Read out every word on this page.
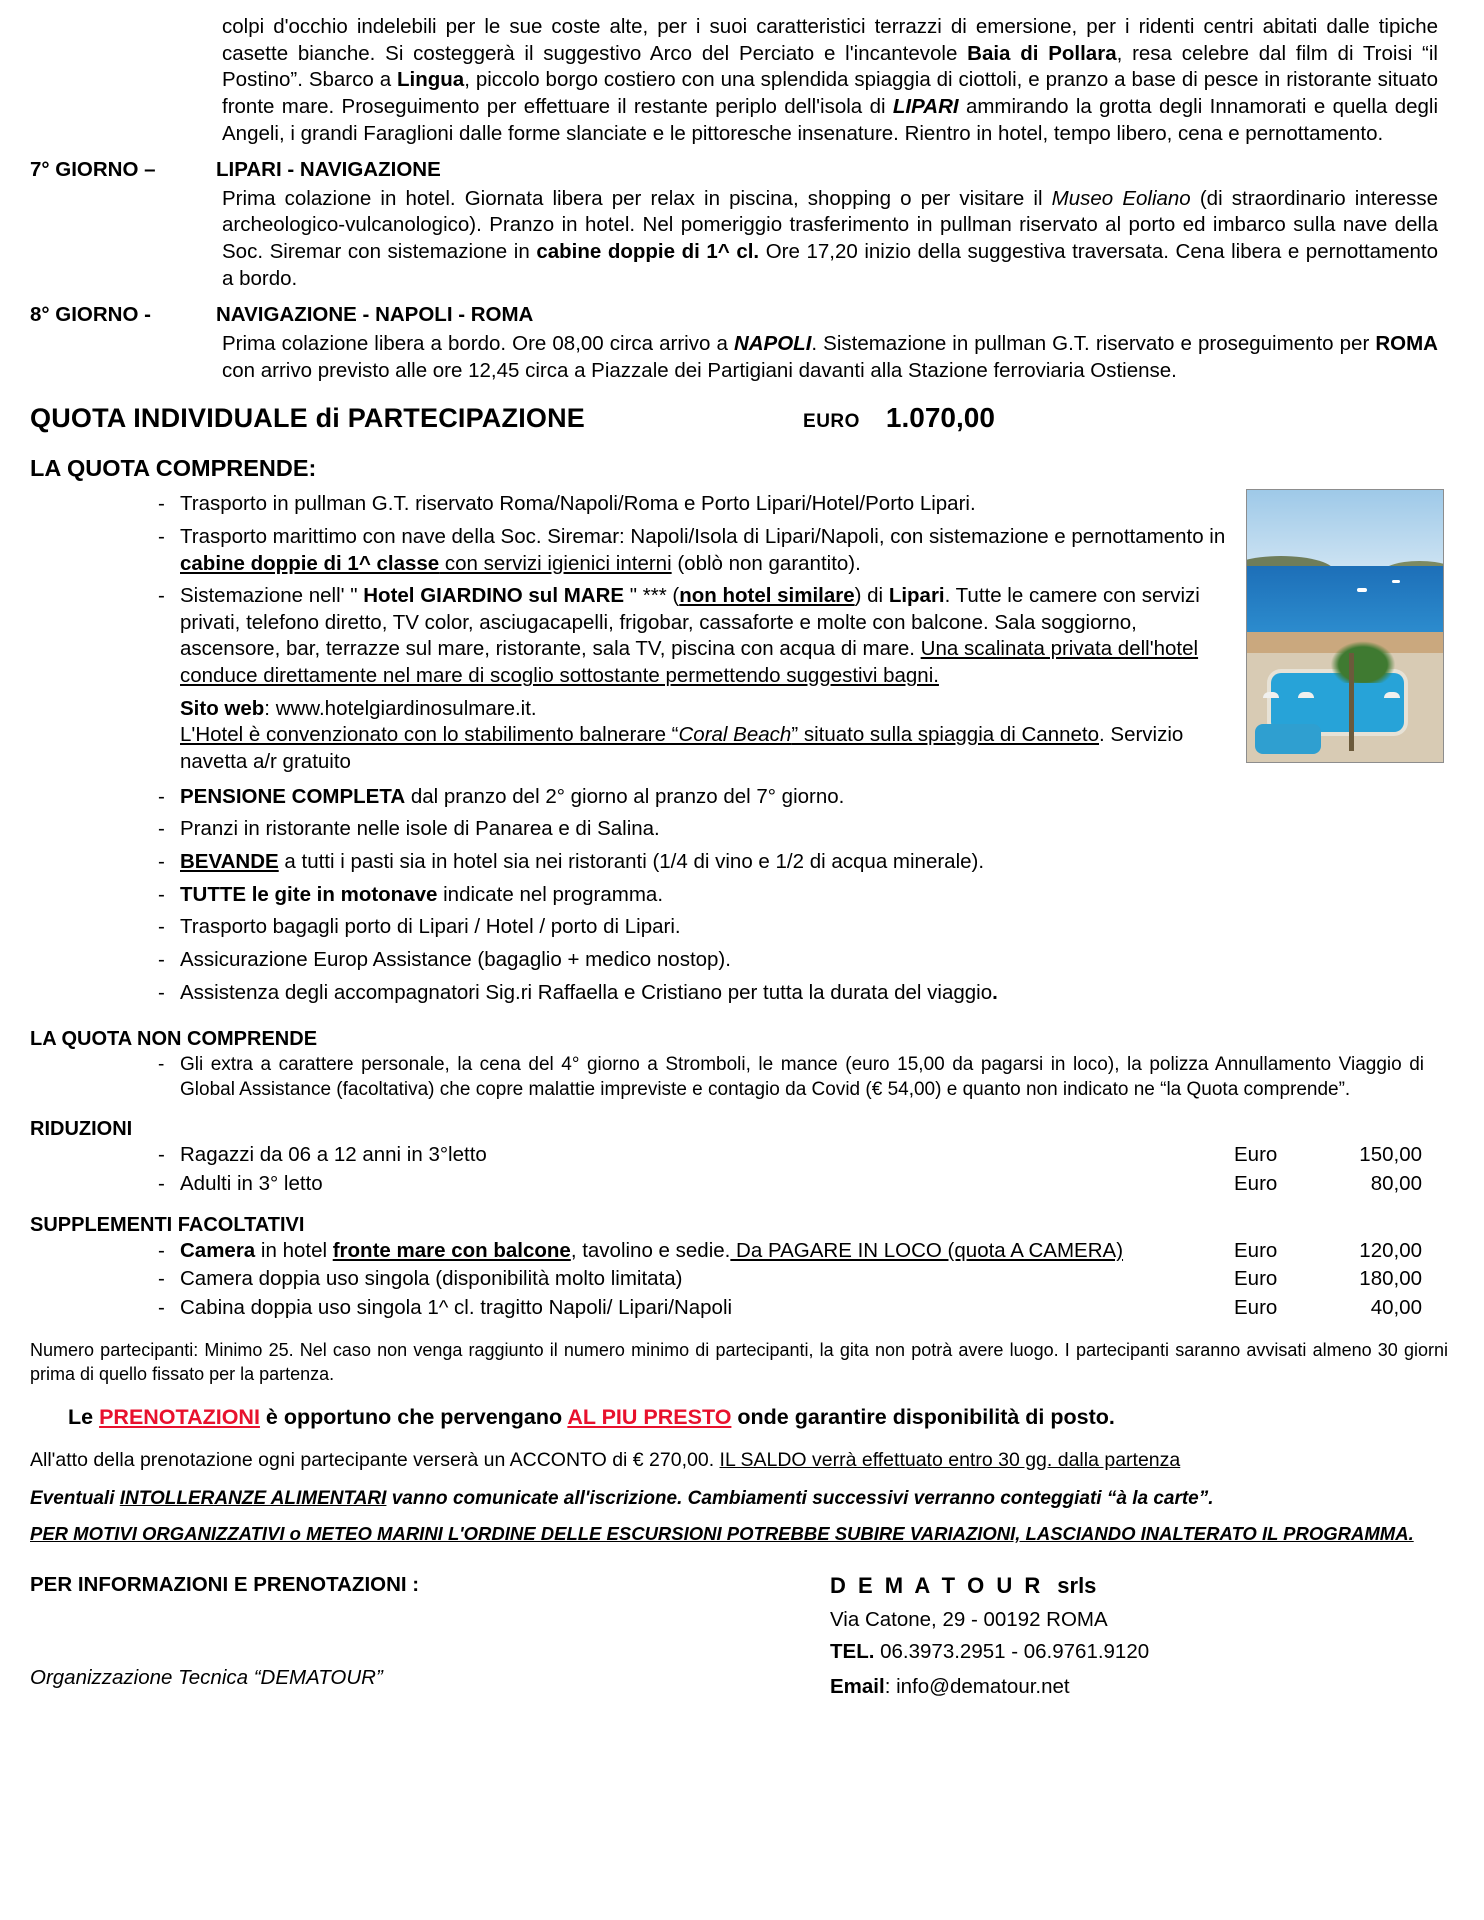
colpi d'occhio indelebili per le sue coste alte, per i suoi caratteristici terrazzi di emersione, per i ridenti centri abitati dalle tipiche casette bianche. Si costeggerà il suggestivo Arco del Perciato e l'incantevole Baia di Pollara, resa celebre dal film di Troisi “il Postino”. Sbarco a Lingua, piccolo borgo costiero con una splendida spiaggia di ciottoli, e pranzo a base di pesce in ristorante situato fronte mare. Proseguimento per effettuare il restante periplo dell'isola di LIPARI ammirando la grotta degli Innamorati e quella degli Angeli, i grandi Faraglioni dalle forme slanciate e le pittoresche insenature. Rientro in hotel, tempo libero, cena e pernottamento.

7° GIORNO –	LIPARI - NAVIGAZIONE

Prima colazione in hotel. Giornata libera per relax in piscina, shopping o per visitare il Museo Eoliano (di straordinario interesse archeologico-vulcanologico). Pranzo in hotel. Nel pomeriggio trasferimento in pullman riservato al porto ed imbarco sulla nave della Soc. Siremar con sistemazione in cabine doppie di 1^ cl. Ore 17,20 inizio della suggestiva traversata. Cena libera e pernottamento a bordo.

8° GIORNO -	NAVIGAZIONE - NAPOLI - ROMA

Prima colazione libera a bordo. Ore 08,00 circa arrivo a NAPOLI. Sistemazione in pullman G.T. riservato e proseguimento per ROMA con arrivo previsto alle ore 12,45 circa a Piazzale dei Partigiani davanti alla Stazione ferroviaria Ostiense.

QUOTA INDIVIDUALE di PARTECIPAZIONE	EURO 1.070,00
LA QUOTA COMPRENDE:
- Trasporto in pullman G.T. riservato Roma/Napoli/Roma e Porto Lipari/Hotel/Porto Lipari.
- Trasporto marittimo con nave della Soc. Siremar: Napoli/Isola di Lipari/Napoli, con sistemazione e pernottamento in cabine doppie di 1^ classe con servizi igienici interni (oblò non garantito).
- Sistemazione nell' " Hotel GIARDINO sul MARE " *** (non hotel similare) di Lipari. Tutte le camere con servizi privati, telefono diretto, TV color, asciugacapelli, frigobar, cassaforte e molte con balcone. Sala soggiorno, ascensore, bar, terrazze sul mare, ristorante, sala TV, piscina con acqua di mare. Una scalinata privata dell'hotel conduce direttamente nel mare di scoglio sottostante permettendo suggestivi bagni.

Sito web: www.hotelgiardinosulmare.it.

L'Hotel è convenzionato con lo stabilimento balnerare “Coral Beach” situato sulla spiaggia di Canneto. Servizio navetta a/r gratuito

- PENSIONE COMPLETA dal pranzo del 2° giorno al pranzo del 7° giorno.
- Pranzi in ristorante nelle isole di Panarea e di Salina.
- BEVANDE a tutti i pasti sia in hotel sia nei ristoranti (1/4 di vino e 1/2 di acqua minerale).
- TUTTE le gite in motonave indicate nel programma.
- Trasporto bagagli porto di Lipari / Hotel / porto di Lipari.
- Assicurazione Europ Assistance (bagaglio + medico nostop).
- Assistenza degli accompagnatori Sig.ri Raffaella e Cristiano per tutta la durata del viaggio.
LA QUOTA NON COMPRENDE
- Gli extra a carattere personale, la cena del 4° giorno a Stromboli, le mance (euro 15,00 da pagarsi in loco), la polizza Annullamento Viaggio di Global Assistance (facoltativa) che copre malattie impreviste e contagio da Covid (€ 54,00) e quanto non indicato ne “la Quota comprende”.
RIDUZIONI
- Ragazzi da 06 a 12 anni in 3°letto	Euro	150,00
- Adulti in 3° letto	Euro	80,00
SUPPLEMENTI FACOLTATIVI
- Camera in hotel fronte mare con balcone, tavolino e sedie. Da PAGARE IN LOCO (quota A CAMERA)	Euro	120,00
- Camera doppia uso singola (disponibilità molto limitata)	Euro	180,00
- Cabina doppia uso singola 1^ cl. tragitto Napoli/ Lipari/Napoli	Euro	40,00

Numero partecipanti: Minimo 25. Nel caso non venga raggiunto il numero minimo di partecipanti, la gita non potrà avere luogo. I partecipanti saranno avvisati almeno 30 giorni prima di quello fissato per la partenza.

Le PRENOTAZIONI è opportuno che pervengano AL PIU PRESTO onde garantire disponibilità di posto.

All'atto della prenotazione ogni partecipante verserà un ACCONTO di € 270,00. IL SALDO verrà effettuato entro 30 gg. dalla partenza

Eventuali INTOLLERANZE ALIMENTARI vanno comunicate all'iscrizione. Cambiamenti successivi verranno conteggiati “à la carte”.

PER MOTIVI ORGANIZZATIVI o METEO MARINI L'ORDINE DELLE ESCURSIONI POTREBBE SUBIRE VARIAZIONI, LASCIANDO INALTERATO IL PROGRAMMA.

PER INFORMAZIONI E PRENOTAZIONI :
Organizzazione Tecnica “DEMATOUR”
D E M A T O U R srls
Via Catone, 29 - 00192 ROMA
TEL. 06.3973.2951 - 06.9761.9120
Email: info@dematour.net
